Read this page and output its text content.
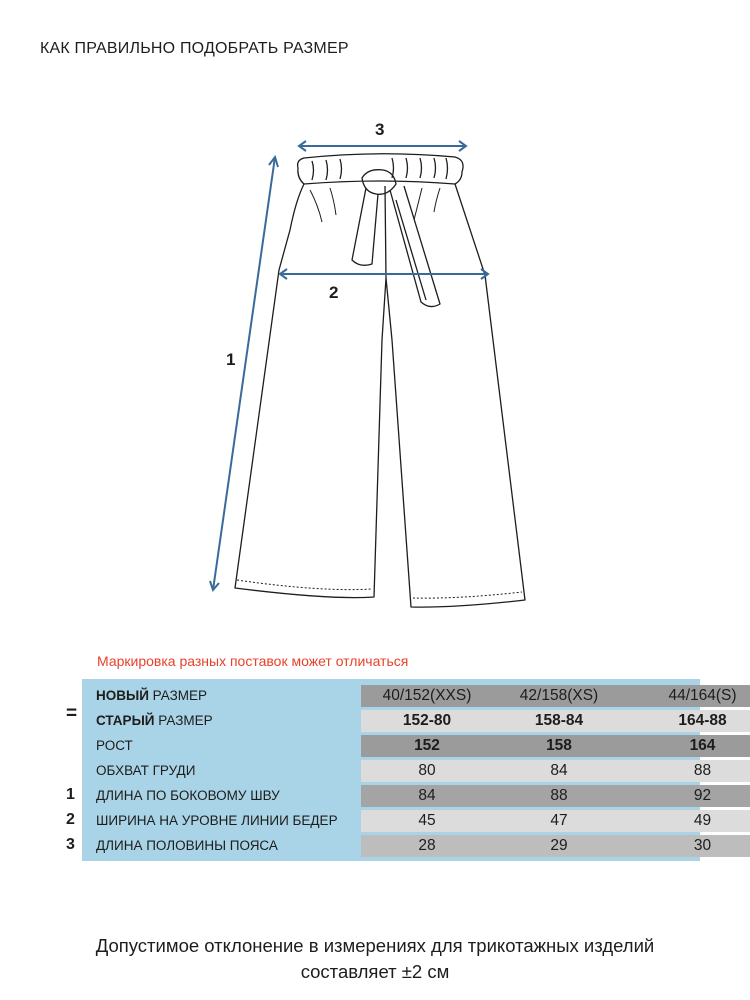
КАК ПРАВИЛЬНО ПОДОБРАТЬ РАЗМЕР
3
2
1
Маркировка разных поставок может отличаться
=
НОВЫЙ РАЗМЕР	40/152(XXS)	42/158(XS)	44/164(S)
СТАРЫЙ РАЗМЕР	152-80	158-84	164-88
РОСТ	152	158	164
ОБХВАТ ГРУДИ	80	84	88
ДЛИНА ПО БОКОВОМУ ШВУ	84	88	92
ШИРИНА НА УРОВНЕ ЛИНИИ БЕДЕР	45	47	49
ДЛИНА ПОЛОВИНЫ ПОЯСА	28	29	30
1
2
3
Допустимое отклонение в измерениях для трикотажных изделий
составляет ±2 см
